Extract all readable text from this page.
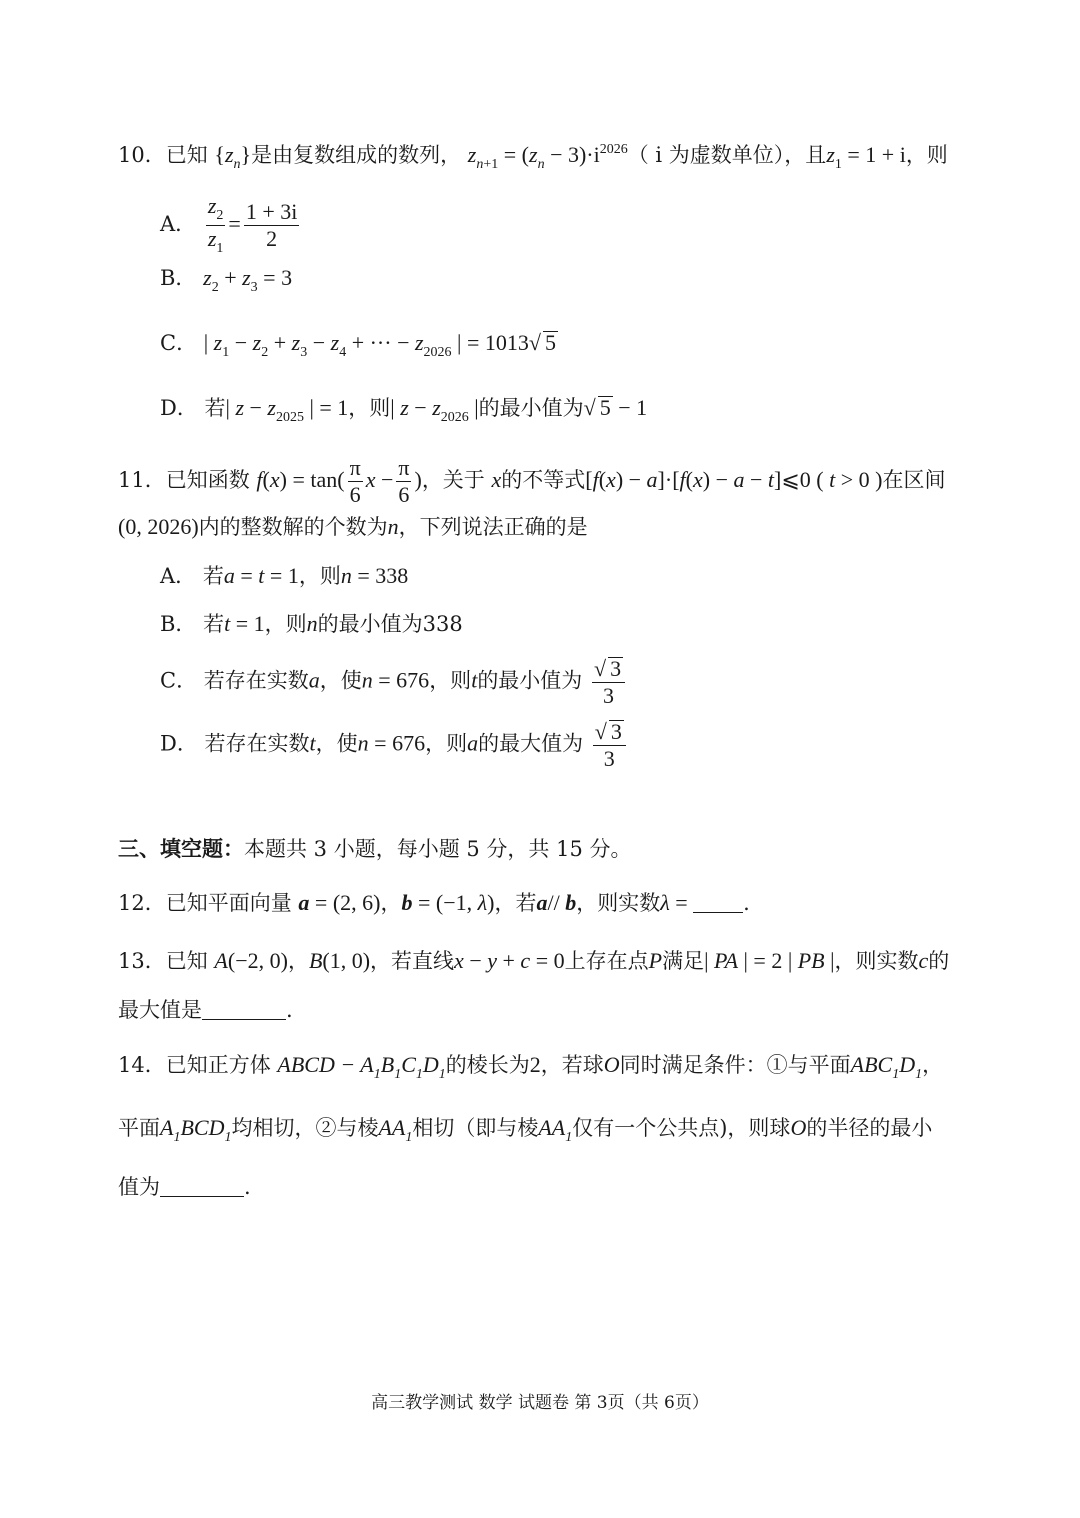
10．已知 $\{z_n\}$是由复数组成的数列， $z_{n+1} = (z_n - 3)\cdot i^{2026}$（ i 为虚数单位），且$z_1 = 1 + i$，则
A． $\frac{z_2}{z_1} = \frac{1 + 3i}{2}$
B． $z_2 + z_3 = 3$
C． | $z_1 - z_2 + z_3 - z_4$ + ··· − $z_{2026}$ | = 1013√ 5
D． 若| $z - z_{2025}$ | = 1，则| $z - z_{2026}$ |的最小值为√ 5 − 1
11．已知函数 $f(x) = \tan( \frac{\pi}{6}$ $x - \frac{\pi}{6}$ )，关于 x的不等式[f(x) − a]·[f(x) − a − t]⩽0 ( t > 0 )在区间
(0, 2026)内的整数解的个数为n，下列说法正确的是
A． 若a = t = 1，则n = 338
B． 若t = 1，则n的最小值为338
C． 若存在实数a，使n = 676，则t的最小值为 $\frac{√ 3}{3}$
D． 若存在实数t，使n = 676，则a的最大值为 $\frac{√ 3}{3}$
三、填空题：本题共 3 小题，每小题 5 分，共 15 分。
12．已知平面向量 a = (2, 6)，b = (−1, λ)，若a// b，则实数λ = .
13．已知 A(−2, 0)，B(1, 0)，若直线x − y + c = 0上存在点P满足| PA | = 2 | PB |，则实数c的
最大值是	.
14．已知正方体 ABCD − $A_1B_1C_1D_1$的棱长为2，若球O同时满足条件：①与平面$ABC_1D_1$，
平面$A_1BCD_1$均相切，②与棱$AA_1$相切（即与棱$AA_1$仅有一个公共点)，则球O的半径的最小
值为	.
高三教学测试 数学 试题卷 第 3页（共 6页）
